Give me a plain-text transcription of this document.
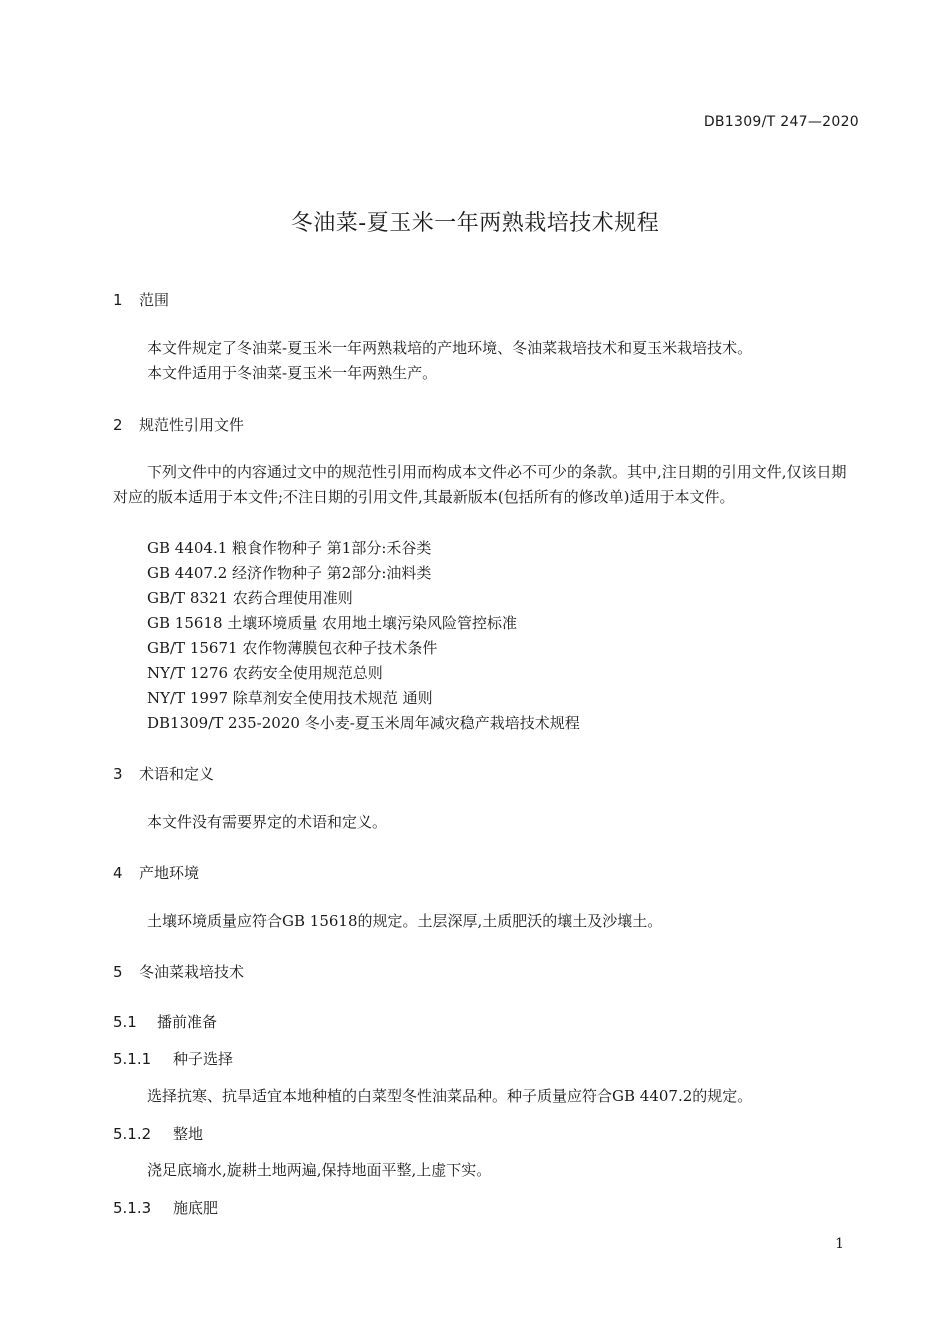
DB1309/T 247—2020
冬油菜-夏玉米一年两熟栽培技术规程
1 范围
本文件规定了冬油菜-夏玉米一年两熟栽培的产地环境、冬油菜栽培技术和夏玉米栽培技术。
本文件适用于冬油菜-夏玉米一年两熟生产。
2 规范性引用文件
下列文件中的内容通过文中的规范性引用而构成本文件必不可少的条款。其中,注日期的引用文件,仅该日期对应的版本适用于本文件;不注日期的引用文件,其最新版本(包括所有的修改单)适用于本文件。
GB 4404.1 粮食作物种子 第1部分:禾谷类
GB 4407.2 经济作物种子 第2部分:油料类
GB/T 8321 农药合理使用准则
GB 15618 土壤环境质量 农用地土壤污染风险管控标准
GB/T 15671 农作物薄膜包衣种子技术条件
NY/T 1276 农药安全使用规范总则
NY/T 1997 除草剂安全使用技术规范 通则
DB1309/T 235-2020 冬小麦-夏玉米周年减灾稳产栽培技术规程
3 术语和定义
本文件没有需要界定的术语和定义。
4 产地环境
土壤环境质量应符合GB 15618的规定。土层深厚,土质肥沃的壤土及沙壤土。
5 冬油菜栽培技术
5.1 播前准备
5.1.1 种子选择
选择抗寒、抗旱适宜本地种植的白菜型冬性油菜品种。种子质量应符合GB 4407.2的规定。
5.1.2 整地
浇足底墒水,旋耕土地两遍,保持地面平整,上虚下实。
5.1.3 施底肥
1
